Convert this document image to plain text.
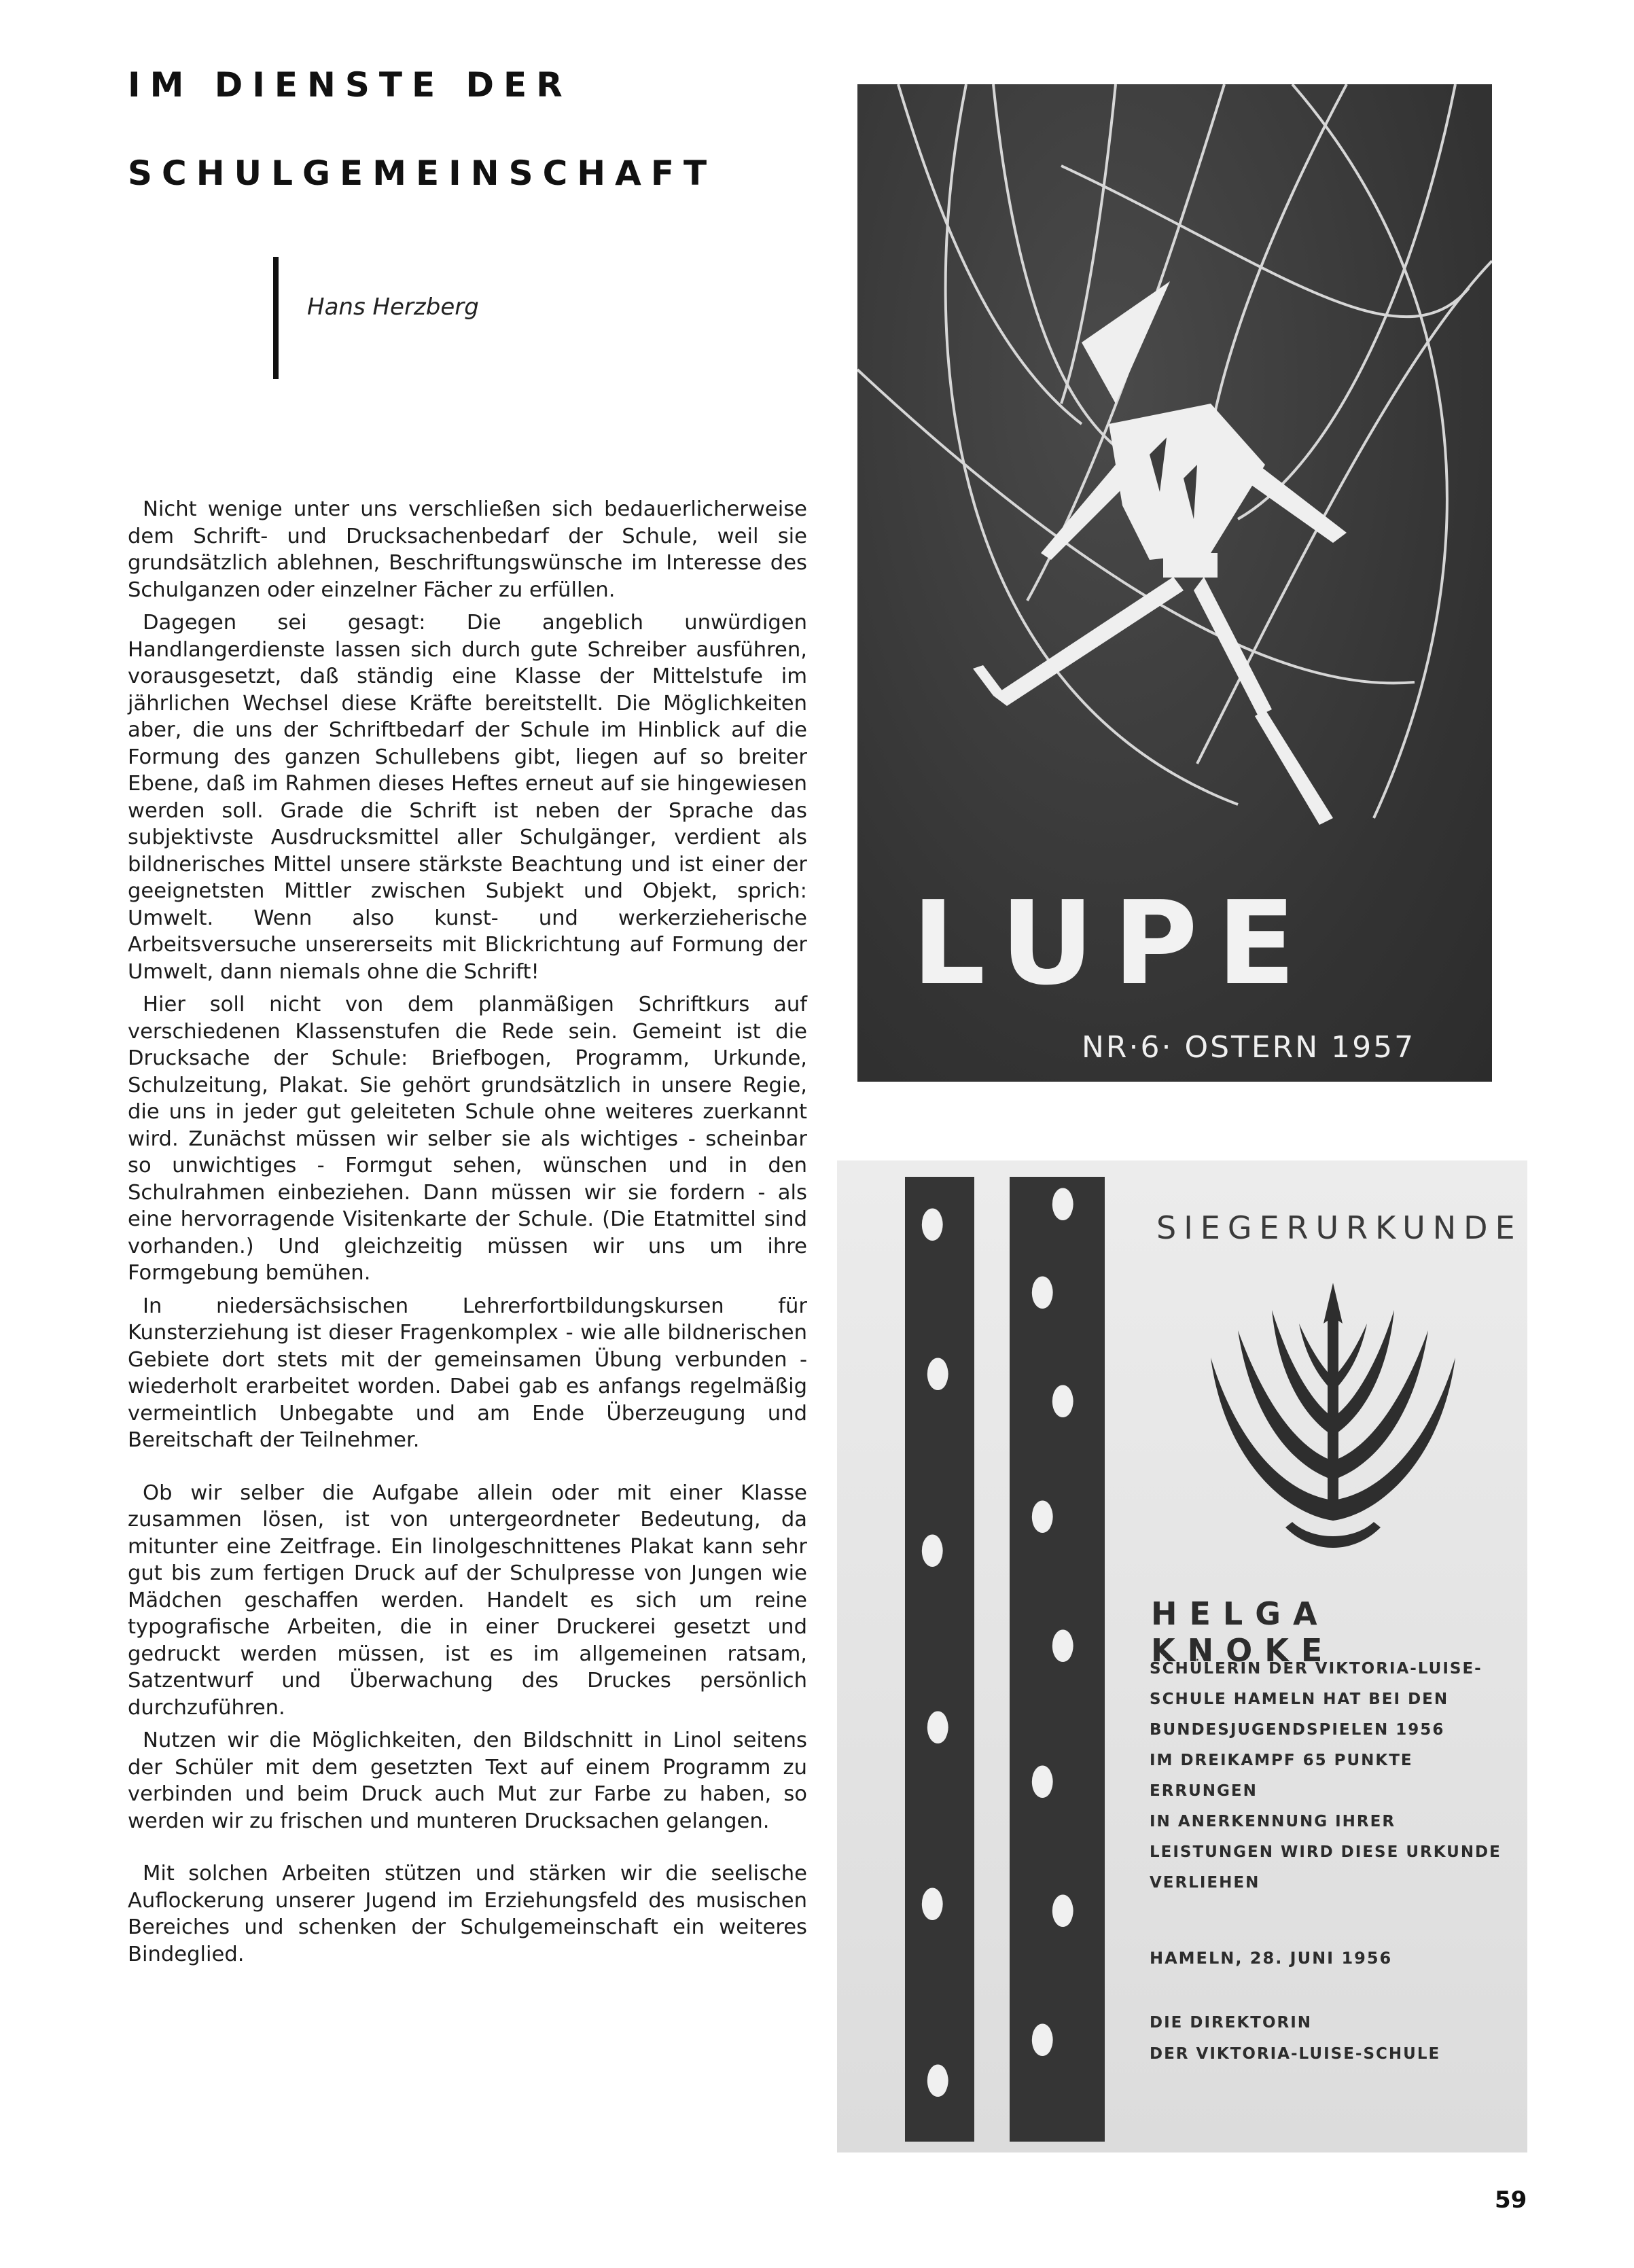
IM DIENSTE DER
SCHULGEMEINSCHAFT
Hans Herzberg

Nicht wenige unter uns verschließen sich bedauerlicherweise dem Schrift- und Drucksachenbedarf der Schule, weil sie grundsätzlich ablehnen, Beschriftungswünsche im Interesse des Schulganzen oder einzelner Fächer zu erfüllen.

Dagegen sei gesagt: Die angeblich unwürdigen Handlangerdienste lassen sich durch gute Schreiber ausführen, vorausgesetzt, daß ständig eine Klasse der Mittelstufe im jährlichen Wechsel diese Kräfte bereitstellt. Die Möglichkeiten aber, die uns der Schriftbedarf der Schule im Hinblick auf die Formung des ganzen Schullebens gibt, liegen auf so breiter Ebene, daß im Rahmen dieses Heftes erneut auf sie hingewiesen werden soll. Grade die Schrift ist neben der Sprache das subjektivste Ausdrucksmittel aller Schulgänger, verdient als bildnerisches Mittel unsere stärkste Beachtung und ist einer der geeignetsten Mittler zwischen Subjekt und Objekt, sprich: Umwelt. Wenn also kunst- und werkerzieherische Arbeitsversuche unsererseits mit Blickrichtung auf Formung der Umwelt, dann niemals ohne die Schrift!

Hier soll nicht von dem planmäßigen Schriftkurs auf verschiedenen Klassenstufen die Rede sein. Gemeint ist die Drucksache der Schule: Briefbogen, Programm, Urkunde, Schulzeitung, Plakat. Sie gehört grundsätzlich in unsere Regie, die uns in jeder gut geleiteten Schule ohne weiteres zuerkannt wird. Zunächst müssen wir selber sie als wichtiges - scheinbar so unwichtiges - Formgut sehen, wünschen und in den Schulrahmen einbeziehen. Dann müssen wir sie fordern - als eine hervorragende Visitenkarte der Schule. (Die Etatmittel sind vorhanden.) Und gleichzeitig müssen wir uns um ihre Formgebung bemühen.

In niedersächsischen Lehrerfortbildungskursen für Kunsterziehung ist dieser Fragenkomplex - wie alle bildnerischen Gebiete dort stets mit der gemeinsamen Übung verbunden - wiederholt erarbeitet worden. Dabei gab es anfangs regelmäßig vermeintlich Unbegabte und am Ende Überzeugung und Bereitschaft der Teilnehmer.

Ob wir selber die Aufgabe allein oder mit einer Klasse zusammen lösen, ist von untergeordneter Bedeutung, da mitunter eine Zeitfrage. Ein linolgeschnittenes Plakat kann sehr gut bis zum fertigen Druck auf der Schulpresse von Jungen wie Mädchen geschaffen werden. Handelt es sich um reine typografische Arbeiten, die in einer Druckerei gesetzt und gedruckt werden müssen, ist es im allgemeinen ratsam, Satzentwurf und Überwachung des Druckes persönlich durchzuführen.

Nutzen wir die Möglichkeiten, den Bildschnitt in Linol seitens der Schüler mit dem gesetzten Text auf einem Programm zu verbinden und beim Druck auch Mut zur Farbe zu haben, so werden wir zu frischen und munteren Drucksachen gelangen.

Mit solchen Arbeiten stützen und stärken wir die seelische Auflockerung unserer Jugend im Erziehungsfeld des musischen Bereiches und schenken der Schulgemeinschaft ein weiteres Bindeglied.

LUPE
NR·6· OSTERN 1957
⬮
⬮
⬮
⬮
⬮
⬮
⬮
⬮
⬮
⬮
⬮
⬮
⬮
⬮
SIEGERURKUNDE
HELGA KNOKE
SCHÜLERIN DER VIKTORIA-LUISE-
SCHULE HAMELN HAT BEI DEN
BUNDESJUGENDSPIELEN 1956
IM DREIKAMPF 65 PUNKTE
ERRUNGEN
IN ANERKENNUNG IHRER
LEISTUNGEN WIRD DIESE URKUNDE
VERLIEHEN
HAMELN, 28. JUNI 1956
DIE DIREKTORIN
DER VIKTORIA-LUISE-SCHULE
59
